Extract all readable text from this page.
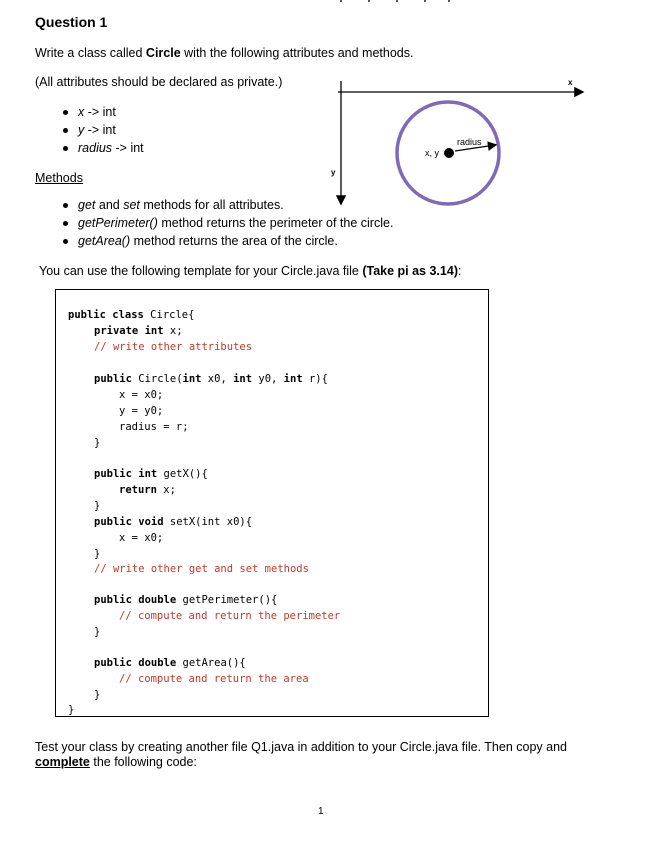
Question 1
Write a class called Circle with the following attributes and methods.
(All attributes should be declared as private.)
x -> int
y -> int
radius -> int
Methods
get and set methods for all attributes.
getPerimeter() method returns the perimeter of the circle.
getArea() method returns the area of the circle.
x
y
x, y
radius
You can use the following template for your Circle.java file (Take pi as 3.14):
public class Circle{
private int x;
// write other attributes
public Circle(int x0, int y0, int r){
x = x0;
y = y0;
radius = r;
}
public int getX(){
return x;
}
public void setX(int x0){
x = x0;
}
// write other get and set methods
public double getPerimeter(){
// compute and return the perimeter
}
public double getArea(){
// compute and return the area
}
}
Test your class by creating another file Q1.java in addition to your Circle.java file. Then copy and
complete the following code:
1
